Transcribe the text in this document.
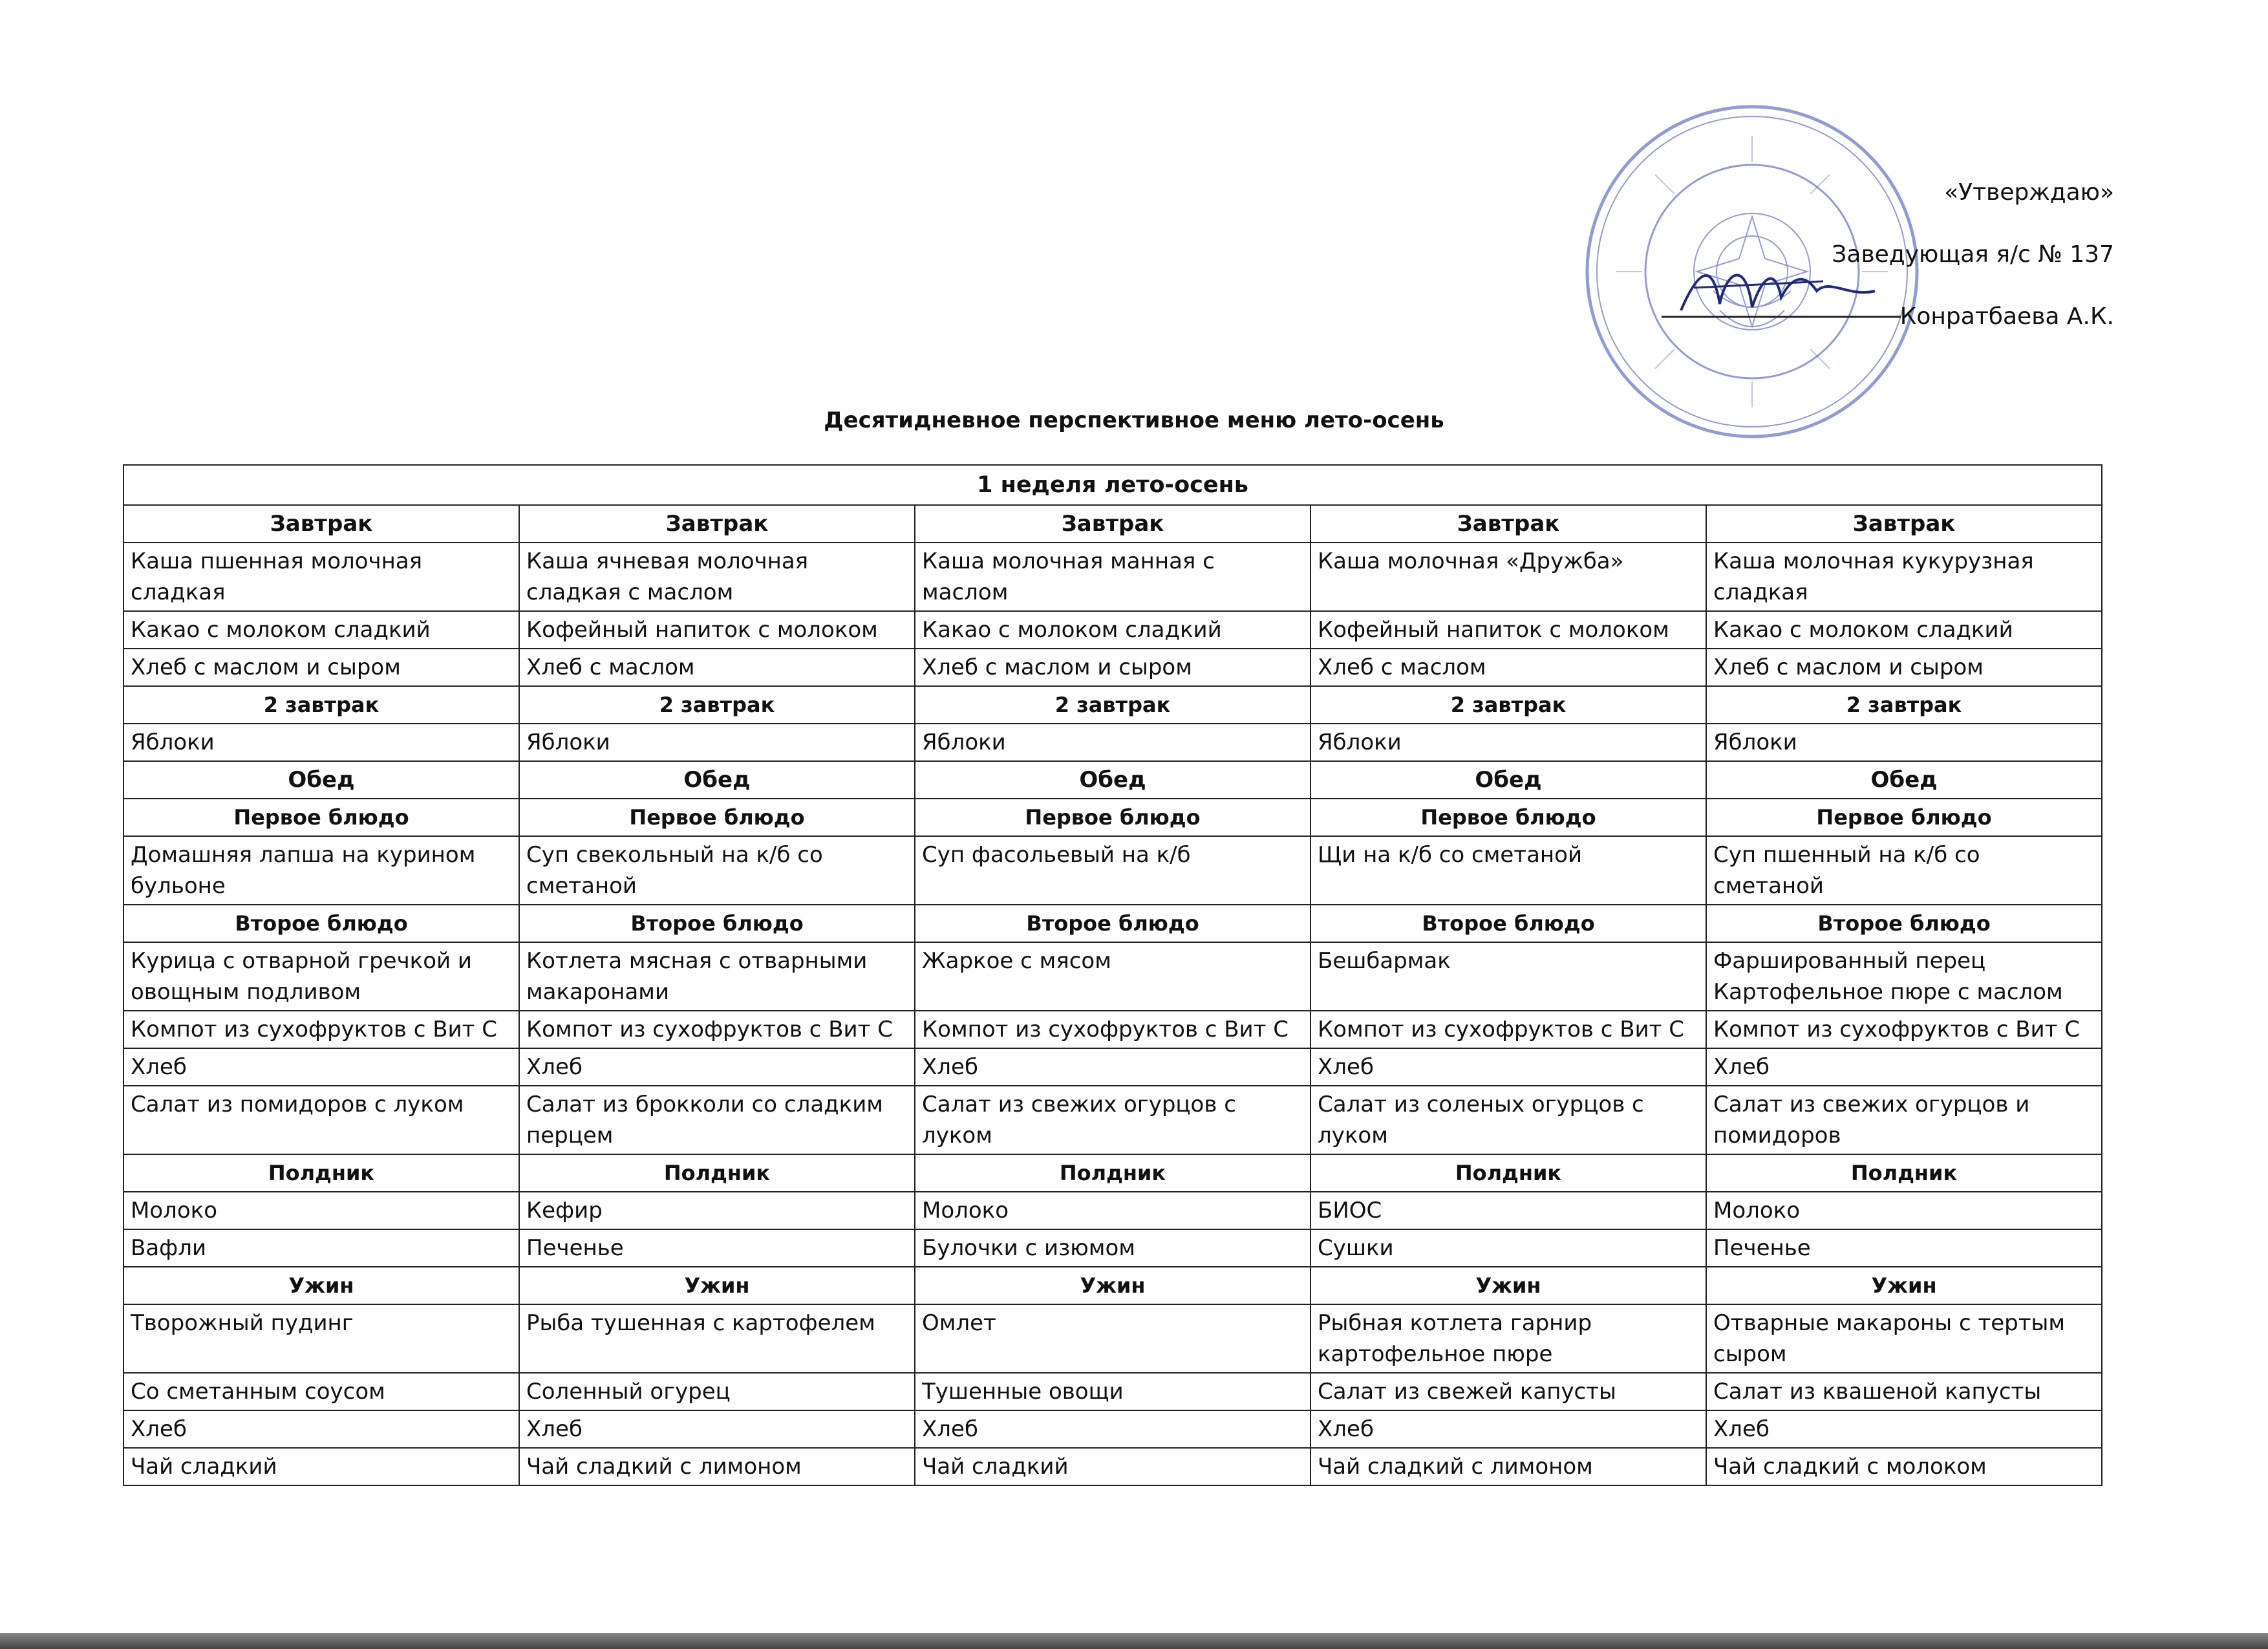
«Утверждаю»
Заведующая я/с № 137
Конратбаева А.К.
Десятидневное перспективное меню лето-осень
1 неделя лето-осень				
Завтрак	Завтрак	Завтрак	Завтрак	Завтрак
Каша пшенная молочная сладкая	Каша ячневая молочная сладкая с маслом	Каша молочная манная с маслом	Каша молочная «Дружба»	Каша молочная кукурузная сладкая
Какао с молоком сладкий	Кофейный напиток с молоком	Какао с молоком сладкий	Кофейный напиток с молоком	Какао с молоком сладкий
Хлеб с маслом и сыром	Хлеб с маслом	Хлеб с маслом и сыром	Хлеб с маслом	Хлеб с маслом и сыром
2 завтрак	2 завтрак	2 завтрак	2 завтрак	2 завтрак
Яблоки	Яблоки	Яблоки	Яблоки	Яблоки
Обед	Обед	Обед	Обед	Обед
Первое блюдо	Первое блюдо	Первое блюдо	Первое блюдо	Первое блюдо
Домашняя лапша на курином бульоне	Суп свекольный на к/б со сметаной	Суп фасольевый на к/б	Щи на к/б со сметаной	Суп пшенный на к/б со сметаной
Второе блюдо	Второе блюдо	Второе блюдо	Второе блюдо	Второе блюдо
Курица с отварной гречкой и овощным подливом	Котлета мясная с отварными макаронами	Жаркое с мясом	Бешбармак	Фаршированный перец Картофельное пюре с маслом
Компот из сухофруктов с Вит С	Компот из сухофруктов с Вит С	Компот из сухофруктов с Вит С	Компот из сухофруктов с Вит С	Компот из сухофруктов с Вит С
Хлеб	Хлеб	Хлеб	Хлеб	Хлеб
Салат из помидоров с луком	Салат из брокколи со сладким перцем	Салат из свежих огурцов с луком	Салат из соленых огурцов с луком	Салат из свежих огурцов и помидоров
Полдник	Полдник	Полдник	Полдник	Полдник
Молоко	Кефир	Молоко	БИОС	Молоко
Вафли	Печенье	Булочки с изюмом	Сушки	Печенье
Ужин	Ужин	Ужин	Ужин	Ужин
Творожный пудинг	Рыба тушенная с картофелем	Омлет	Рыбная котлета гарнир картофельное пюре	Отварные макароны с тертым сыром
Со сметанным соусом	Соленный огурец	Тушенные овощи	Салат из свежей капусты	Салат из квашеной капусты
Хлеб	Хлеб	Хлеб	Хлеб	Хлеб
Чай сладкий	Чай сладкий с лимоном	Чай сладкий	Чай сладкий с лимоном	Чай сладкий с молоком
